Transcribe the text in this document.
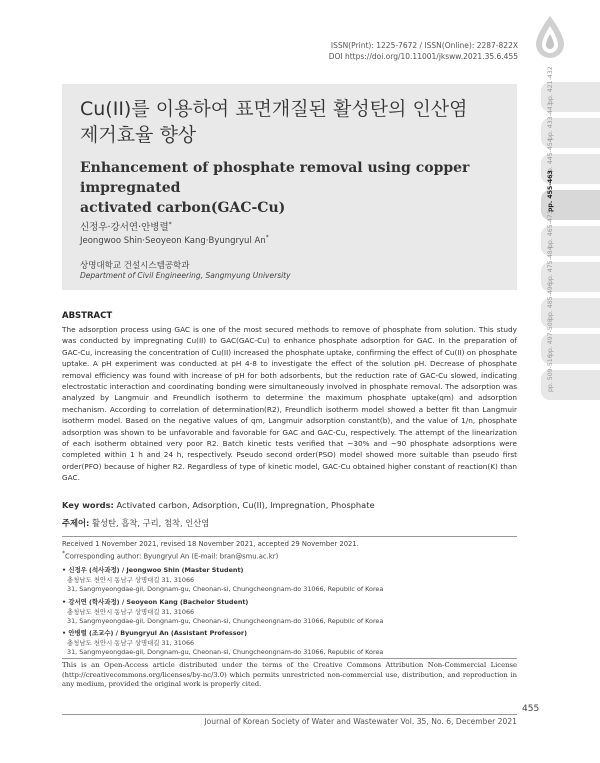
ISSN(Print): 1225-7672 / ISSN(Online): 2287-822X
DOI https://doi.org/10.11001/jksww.2021.35.6.455
Cu(II)를 이용하여 표면개질된 활성탄의 인산염
제거효율 향상
Enhancement of phosphate removal using copper impregnated
activated carbon(GAC-Cu)
신정우·강서연·안병렬*
Jeongwoo Shin·Seoyeon Kang·Byungryul An*
상명대학교 건설시스템공학과
Department of Civil Engineering, Sangmyung University
ABSTRACT
The adsorption process using GAC is one of the most secured methods to remove of phosphate from solution. This study was conducted by impregnating Cu(II) to GAC(GAC-Cu) to enhance phosphate adsorption for GAC. In the preparation of GAC-Cu, increasing the concentration of Cu(II) increased the phosphate uptake, confirming the effect of Cu(II) on phosphate uptake. A pH experiment was conducted at pH 4-8 to investigate the effect of the solution pH. Decrease of phosphate removal efficiency was found with increase of pH for both adsorbents, but the reduction rate of GAC-Cu slowed, indicating electrostatic interaction and coordinating bonding were simultaneously involved in phosphate removal. The adsorption was analyzed by Langmuir and Freundlich isotherm to determine the maximum phosphate uptake(qm) and adsorption mechanism. According to correlation of determination(R2), Freundlich isotherm model showed a better fit than Langmuir isotherm model. Based on the negative values of qm, Langmuir adsorption constant(b), and the value of 1/n, phosphate adsorption was shown to be unfavorable and favorable for GAC and GAC-Cu, respectively. The attempt of the linearization of each isotherm obtained very poor R2. Batch kinetic tests verified that ~30% and ~90 phosphate adsorptions were completed within 1 h and 24 h, respectively. Pseudo second order(PSO) model showed more suitable than pseudo first order(PFO) because of higher R2. Regardless of type of kinetic model, GAC-Cu obtained higher constant of reaction(K) than GAC.
Key words: Activated carbon, Adsorption, Cu(II), Impregnation, Phosphate
주제어: 활성탄, 흡착, 구리, 첨착, 인산염
Received 1 November 2021, revised 18 November 2021, accepted 29 November 2021.
*Corresponding author: Byungryul An (E-mail: bran@smu.ac.kr)
• 신정우 (석사과정) / Jeongwoo Shin (Master Student)
충청남도 천안시 동남구 상명대길 31, 31066
31, Sangmyeongdae-gil, Dongnam-gu, Cheonan-si, Chungcheongnam-do 31066, Republic of Korea
• 강서연 (학사과정) / Seoyeon Kang (Bachelor Student)
충청남도 천안시 동남구 상명대길 31, 31066
31, Sangmyeongdae-gil, Dongnam-gu, Cheonan-si, Chungcheongnam-do 31066, Republic of Korea
• 안병렬 (조교수) / Byungryul An (Assistant Professor)
충청남도 천안시 동남구 상명대길 31, 31066
31, Sangmyeongdae-gil, Dongnam-gu, Cheonan-si, Chungcheongnam-do 31066, Republic of Korea
This is an Open-Access article distributed under the terms of the Creative Commons Attribution Non-Commercial License (http://creativecommons.org/licenses/by-nc/3.0) which permits unrestricted non-commercial use, distribution, and reproduction in any medium, provided the original work is properly cited.
455
Journal of Korean Society of Water and Wastewater Vol. 35, No. 6, December 2021
pp. 421-432
pp. 433-443
pp. 445-454
pp. 455-463
pp. 465-473
pp. 475-484
pp. 485-496
pp. 497-508
pp. 509-516
